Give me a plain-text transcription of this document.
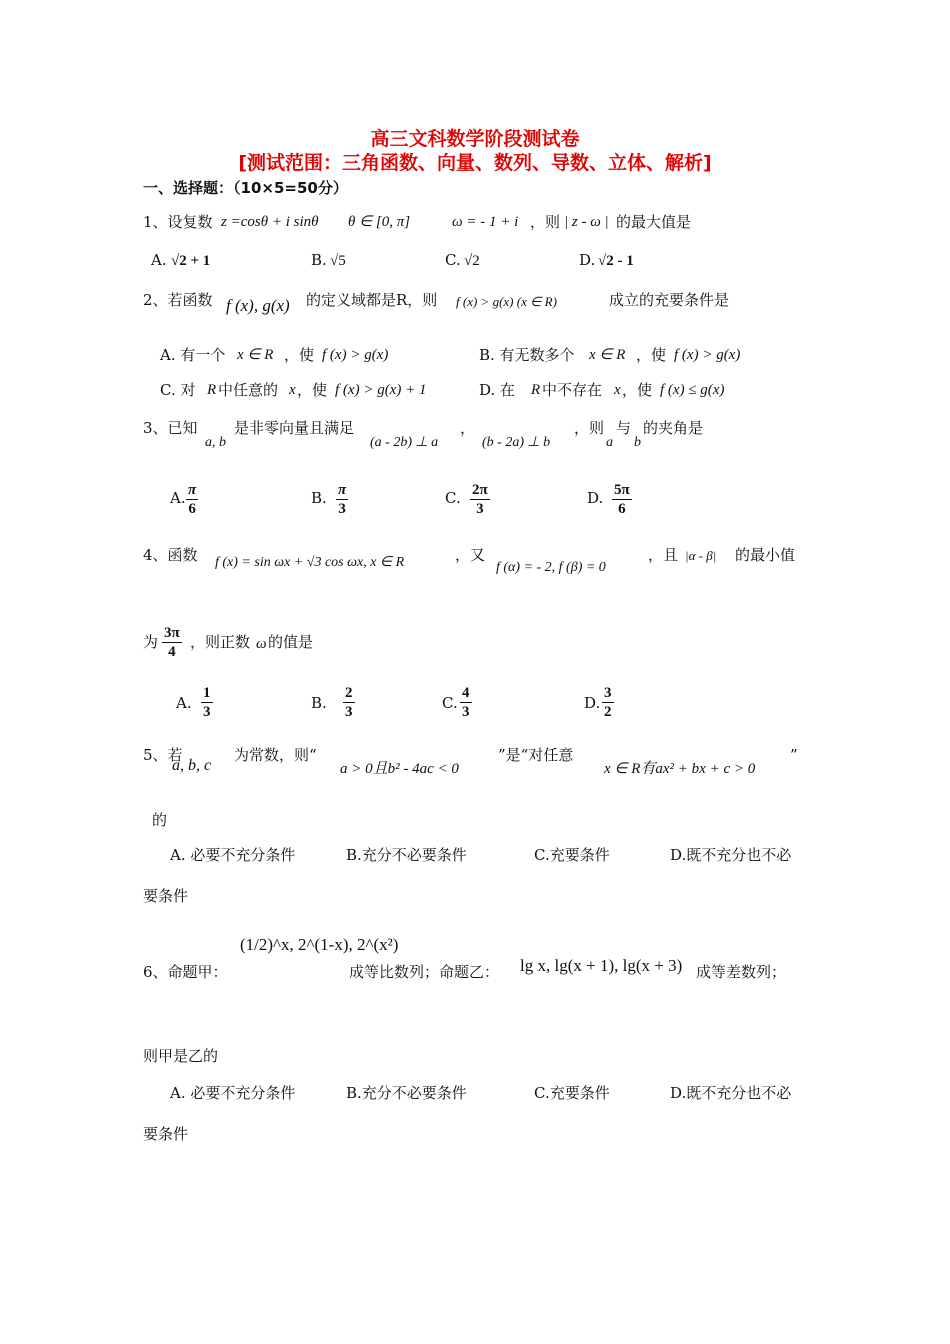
高三文科数学阶段测试卷
[测试范围：三角函数、向量、数列、导数、立体、解析]
一、选择题：（10×5=50分）
1、设复数 z =cosθ + i sinθ θ ∈ [0, π]	ω = - 1 + i ，则 | z - ω | 的最大值是
A. √2 + 1	B. √5	C. √2	D. √2 - 1
2、若函数 f (x), g(x) 的定义域都是R，则 f (x) > g(x) (x ∈ R)	成立的充要条件是
A. 有一个 x ∈ R ，使 f (x) > g(x)	B. 有无数多个 x ∈ R ，使 f (x) > g(x)
C. 对 R 中任意的 x ，使 f (x) > g(x) + 1	D. 在 R 中不存在 x ，使 f (x) ≤ g(x)
3、已知
a, b
是非零向量且满足
(a - 2b) ⊥ a
，
(b - 2a) ⊥ b
，则
a
与
b
的夹角是
A. π
6
B. π
3
C. 2π
3
D. 5π
6
4、函数 f (x) = sin ωx + √3 cos ωx, x ∈ R	，又
f (α) = - 2, f (β) = 0
，且 |α - β| 的最小值
为 3π
4
，则正数 ω 的值是
A.
1
3	B.
2
3	C.
4
3	D.
3
2
5、若
a, b, c
为常数，则“
a > 0且b² - 4ac < 0
”是“对任意
x ∈ R有ax² + bx + c > 0
”
的
A. 必要不充分条件	B.充分不必要条件	C.充要条件	D.既不充分也不必
要条件
(1/2)^x, 2^(1-x), 2^(x²)
6、命题甲：	成等比数列；命题乙： lg x, lg(x + 1), lg(x + 3) 成等差数列；
则甲是乙的
A. 必要不充分条件	B.充分不必要条件	C.充要条件	D.既不充分也不必
要条件
